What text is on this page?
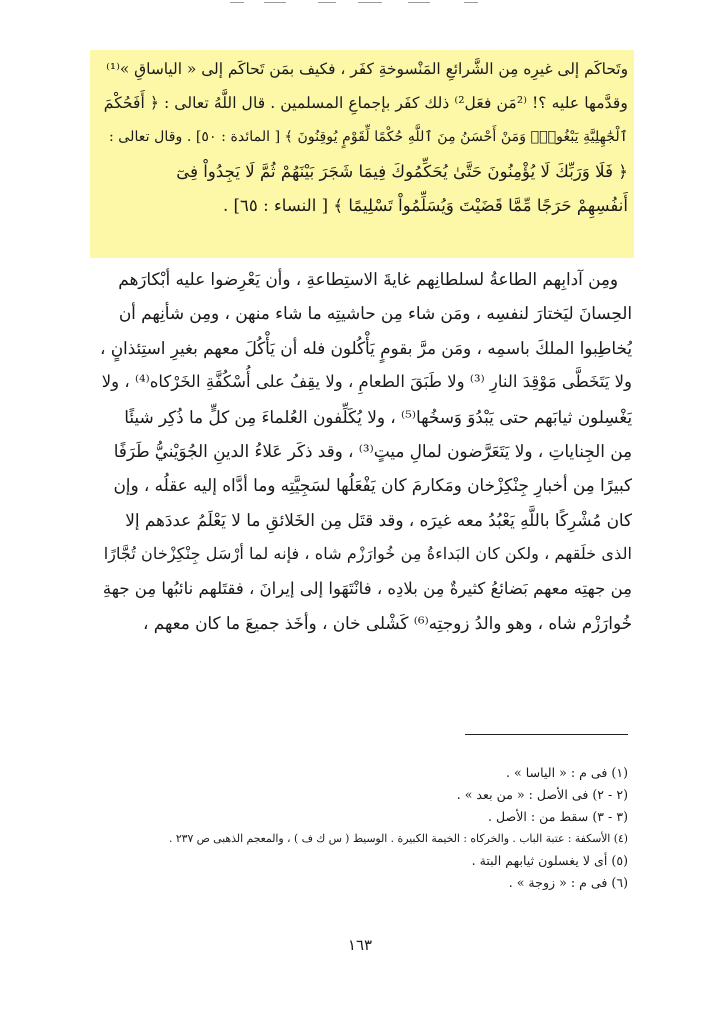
وتَحاكَم إلى غيرِه مِن الشَّرائعِ المَنْسوخةِ كفَر ، فكيف بمَن تَحاكَم إلى « الياساقِ »⁽¹⁾
وقدَّمها عليه ؟! ⁽²مَن فعَل²⁾ ذلك كفَر بإجماعِ المسلمين . قال اللَّهُ تعالى : ﴿ أَفَحُكْمَ
ٱلْجَٰهِلِيَّةِ يَبْغُونَۚ وَمَنْ أَحْسَنُ مِنَ ٱللَّهِ حُكْمًا لِّقَوْمٍ يُوقِنُونَ ﴾ [ المائدة : ٥٠] . وقال تعالى :
﴿ فَلَا وَرَبِّكَ لَا يُؤْمِنُونَ حَتَّىٰ يُحَكِّمُوكَ فِيمَا شَجَرَ بَيْنَهُمْ ثُمَّ لَا يَجِدُواْ فِىٓ
أَنفُسِهِمْ حَرَجًا مِّمَّا قَضَيْتَ وَيُسَلِّمُواْ تَسْلِيمًا ﴾ [ النساء : ٦٥] .
ومِن آدابِهم الطاعةُ لسلطانِهم غايةَ الاستِطاعةِ ، وأن يَعْرِضوا عليه أبْكارَهم
الحِسانَ ليَختارَ لنفسِه ، ومَن شاء مِن حاشيتِه ما شاء منهن ، ومِن شأنِهم أن
يُخاطِبوا الملكَ باسمِه ، ومَن مرَّ بقومٍ يَأْكُلون فله أن يَأْكُلَ معهم بغيرِ استِئذانٍ ،
ولا يَتَخَطَّى مَوْقِدَ النارِ ⁽³⁾ ولا طَبَقَ الطعامِ ، ولا يقِفُ على أُسْكُفَّةِ الخَرْكاه⁽⁴⁾ ، ولا
يَغْسِلون ثيابَهم حتى يَبْدُوَ وَسخُها⁽⁵⁾ ، ولا يُكَلِّفون العُلماءَ مِن كلٍّ ما ذُكِر شيئًا
مِن الجِناياتِ ، ولا يَتَعَرَّضون لمالِ ميتٍ⁽³⁾ ، وقد ذكَر عَلاءُ الدينِ الجُوَيْنيُّ طَرَفًا
كبيرًا مِن أخبارِ جِنْكِزْخان ومَكارمَ كان يَفْعَلُها لسَجِيَّتِه وما أدَّاه إليه عقلُه ، وإن
كان مُشْرِكًا باللَّهِ يَعْبُدُ معه غيرَه ، وقد قتَل مِن الخَلائقِ ما لا يَعْلَمُ عددَهم إلا
الذى خلَقهم ، ولكن كان البَداءةُ مِن خُوارَزْم شاه ، فإنه لما أرْسَل جِنْكِزْخان تُجَّارًا
مِن جهتِه معهم بَضائعُ كثيرةٌ مِن بلادِه ، فانْتَهَوا إلى إيرانَ ، فقتَلهم نائبُها مِن جهةِ
خُوارَزْم شاه ، وهو والدُ زوجتِه⁽⁶⁾ كَشْلى خان ، وأخَذ جميعَ ما كان معهم ،
(١) فى م : « الياسا » .
(٢ - ٢) فى الأصل : « من بعد » .
(٣ - ٣) سقط من : الأصل .
(٤) الأسكفة : عتبة الباب . والخركاه : الخيمة الكبيرة . الوسيط ( س ك ف ) ، والمعجم الذهبى ص ٢٣٧ .
(٥) أى لا يغسلون ثيابهم البتة .
(٦) فى م : « زوجة » .
١٦٣
